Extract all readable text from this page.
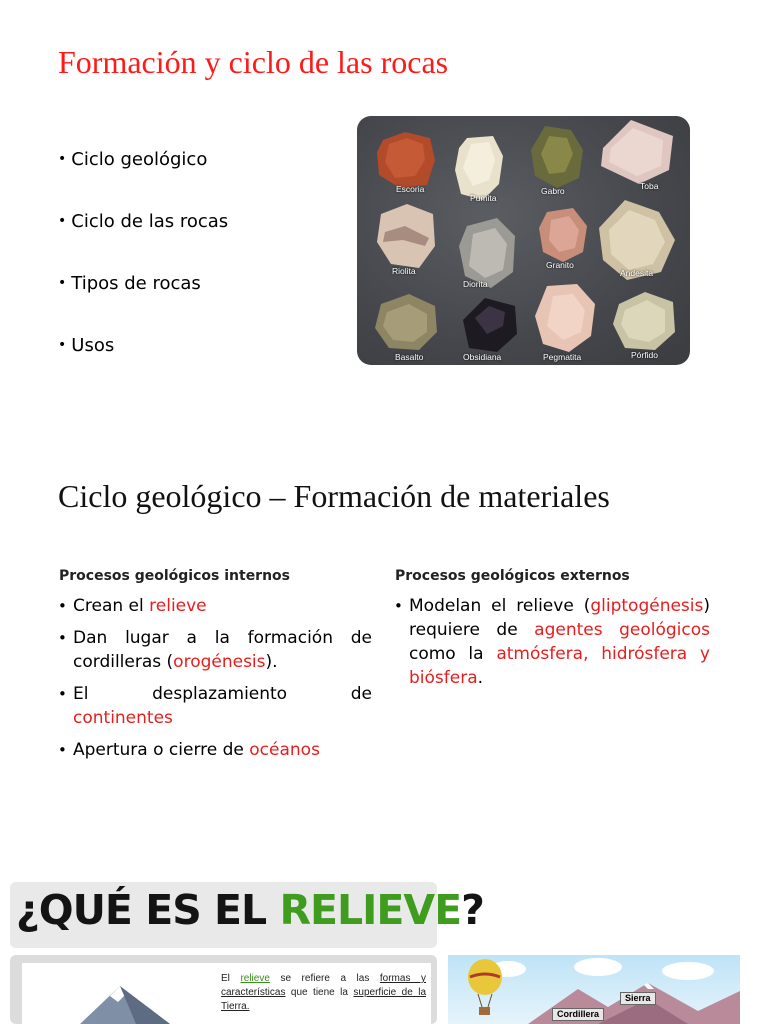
Formación y ciclo de las rocas
• Ciclo geológico
• Ciclo de las rocas
• Tipos de rocas
• Usos
Escoria
Pumita
Gabro	Toba
Riolita
Diorita
Granito
Andesita
Basalto	Obsidiana	Pegmatita	Pórfido
Ciclo geológico – Formación de materiales
Procesos geológicos internos
• Crean el relieve
• Dan lugar a la formación de cordilleras (orogénesis).
• El	desplazamiento	de
continentes
• Apertura o cierre de océanos
Procesos geológicos externos
• Modelan el relieve (gliptogénesis) requiere de agentes geológicos como la atmósfera, hidrósfera y biósfera.
¿QUÉ ES EL RELIEVE?
El relieve se refiere a las formas y características que tiene la superficie de la Tierra.
Sierra
Cordillera
